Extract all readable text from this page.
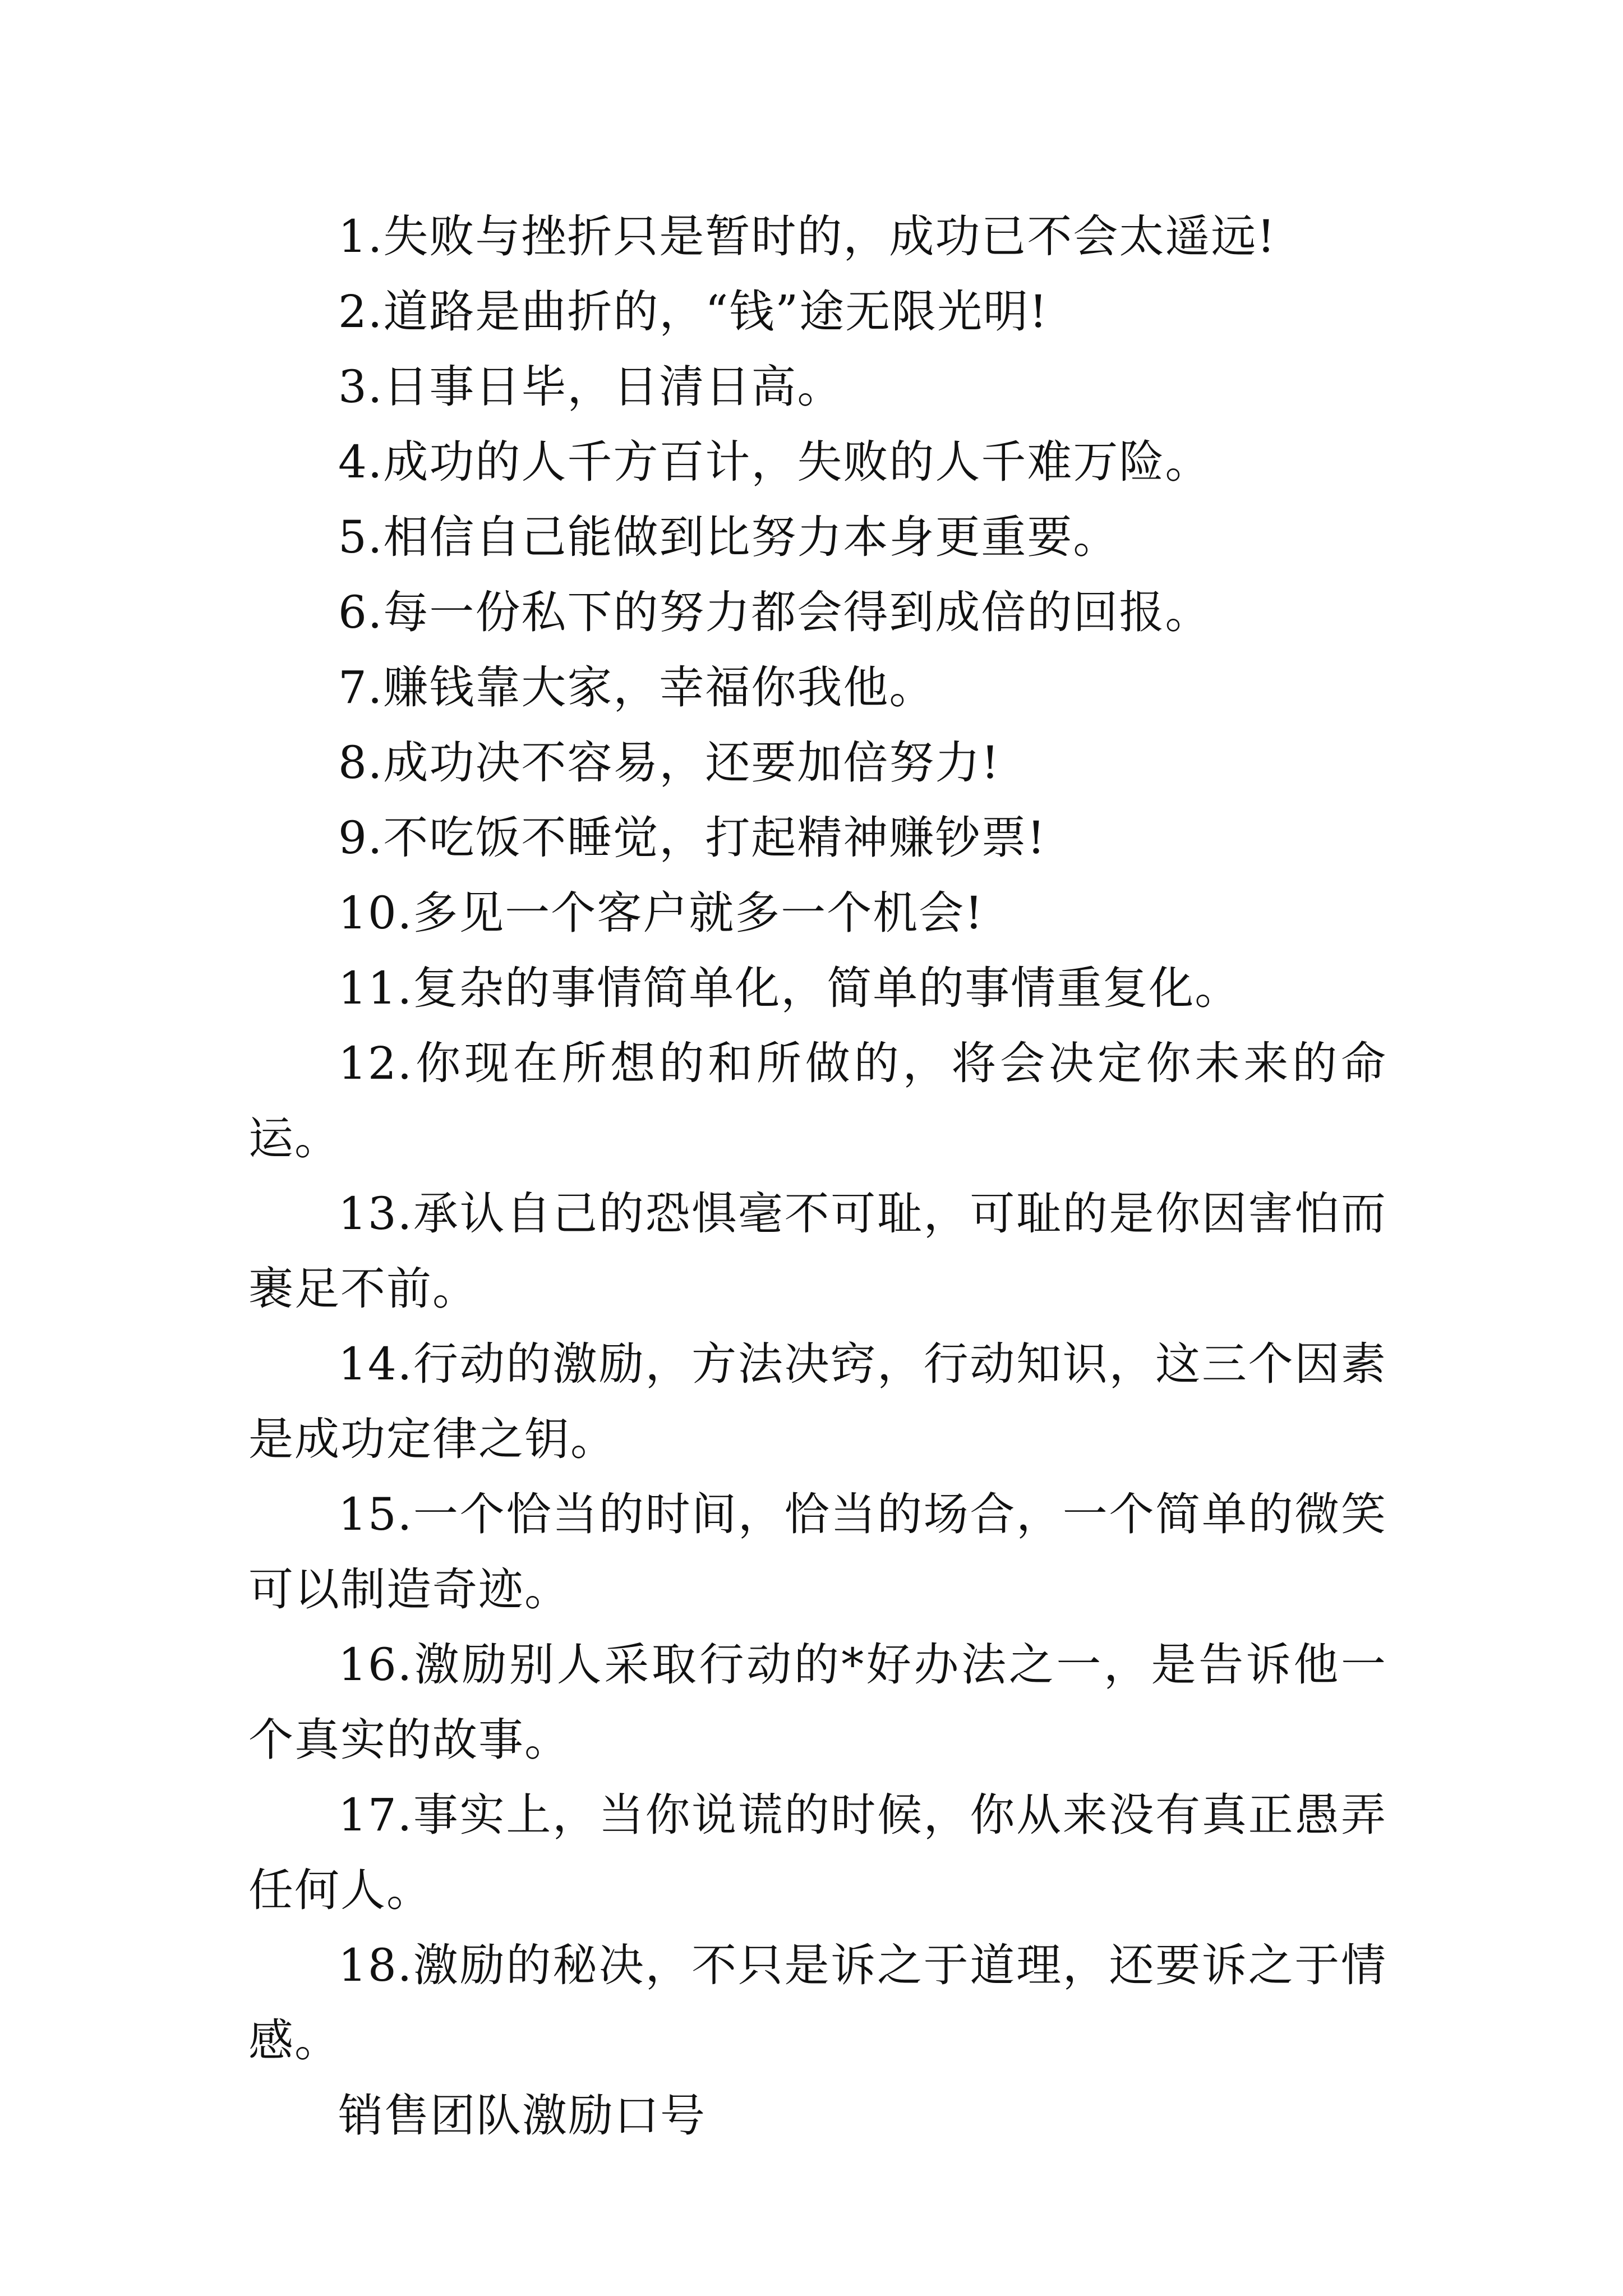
1.失败与挫折只是暂时的，成功已不会太遥远!

2.道路是曲折的，“钱”途无限光明!

3.日事日毕，日清日高。

4.成功的人千方百计，失败的人千难万险。

5.相信自己能做到比努力本身更重要。

6.每一份私下的努力都会得到成倍的回报。

7.赚钱靠大家，幸福你我他。

8.成功决不容易，还要加倍努力!

9.不吃饭不睡觉，打起精神赚钞票!

10.多见一个客户就多一个机会!

11.复杂的事情简单化，简单的事情重复化。

12.你现在所想的和所做的，将会决定你未来的命运。

13.承认自己的恐惧毫不可耻，可耻的是你因害怕而裹足不前。

14.行动的激励，方法决窍，行动知识，这三个因素是成功定律之钥。

15.一个恰当的时间，恰当的场合，一个简单的微笑可以制造奇迹。

16.激励别人采取行动的*好办法之一，是告诉他一个真实的故事。

17.事实上，当你说谎的时候，你从来没有真正愚弄任何人。

18.激励的秘决，不只是诉之于道理，还要诉之于情感。

销售团队激励口号
